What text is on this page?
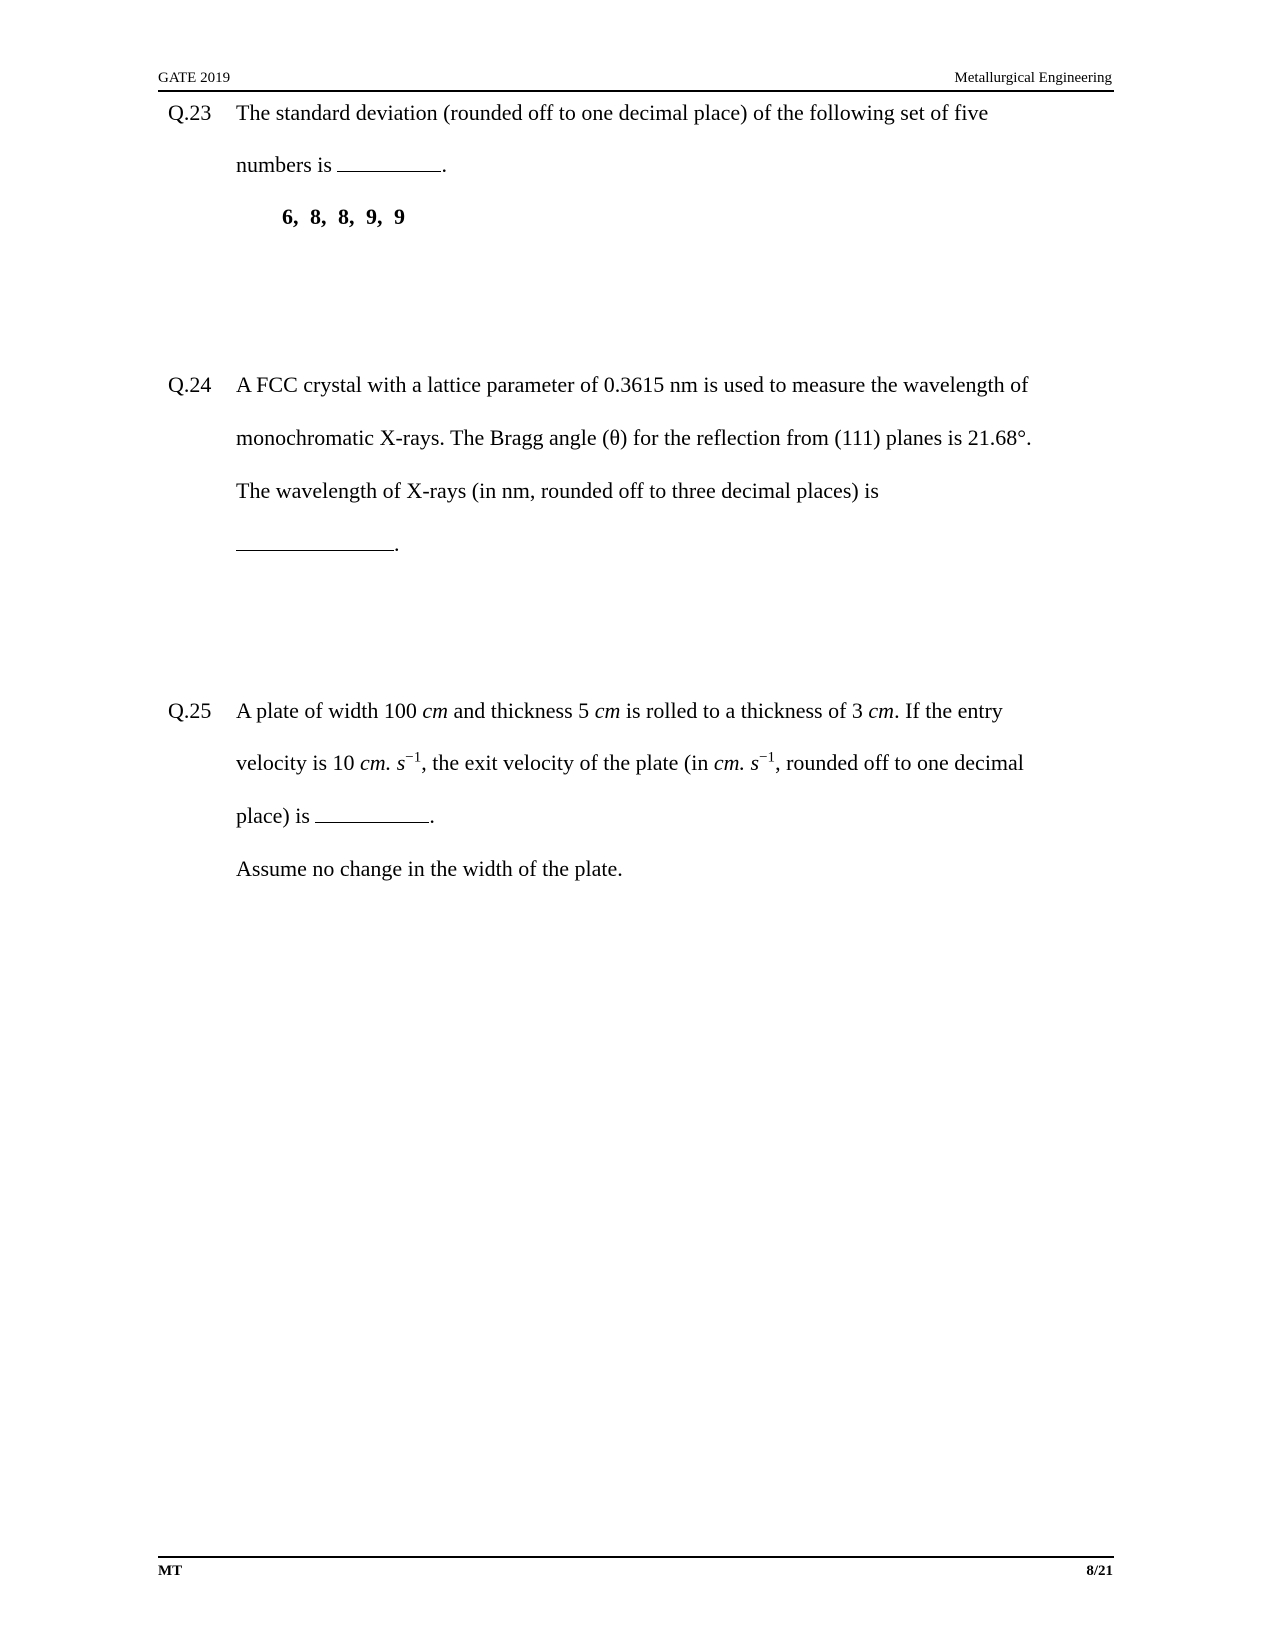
GATE 2019	Metallurgical Engineering
Q.23 The standard deviation (rounded off to one decimal place) of the following set of five
numbers is	.
6, 8, 8, 9, 9
Q.24 A FCC crystal with a lattice parameter of 0.3615 nm is used to measure the wavelength of
monochromatic X-rays. The Bragg angle (θ) for the reflection from (111) planes is 21.68°.
The wavelength of X-rays (in nm, rounded off to three decimal places) is
.
Q.25 A plate of width 100 cm and thickness 5 cm is rolled to a thickness of 3 cm. If the entry
velocity is 10 cm. $s^{-1}$, the exit velocity of the plate (in cm. $s^{-1}$, rounded off to one decimal
place) is	.
Assume no change in the width of the plate.
MT	8/21
